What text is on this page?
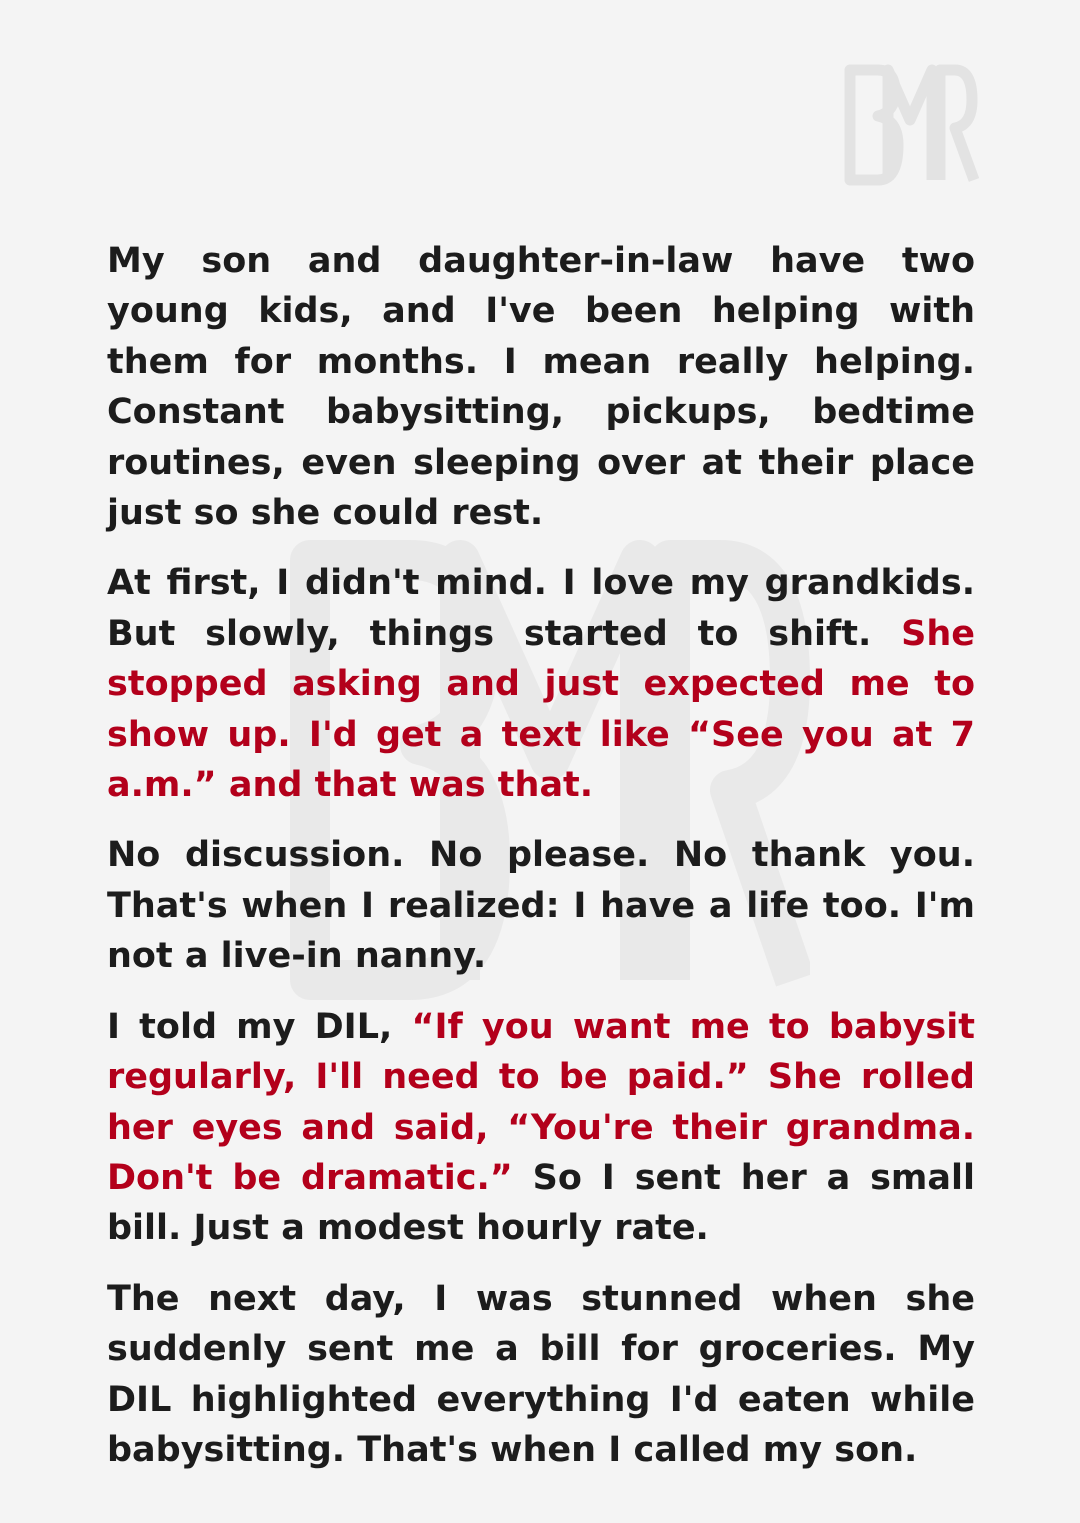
My son and daughter-in-law have two young kids, and I've been helping with them for months. I mean really helping. Constant babysitting, pickups, bedtime routines, even sleeping over at their place just so she could rest.

At first, I didn't mind. I love my grandkids. But slowly, things started to shift. She stopped asking and just expected me to show up. I'd get a text like “See you at 7 a.m.” and that was that.

No discussion. No please. No thank you. That's when I realized: I have a life too. I'm not a live-in nanny.

I told my DIL, “If you want me to babysit regularly, I'll need to be paid.” She rolled her eyes and said, “You're their grandma. Don't be dramatic.” So I sent her a small bill. Just a modest hourly rate.

The next day, I was stunned when she suddenly sent me a bill for groceries. My DIL highlighted everything I'd eaten while babysitting. That's when I called my son.
